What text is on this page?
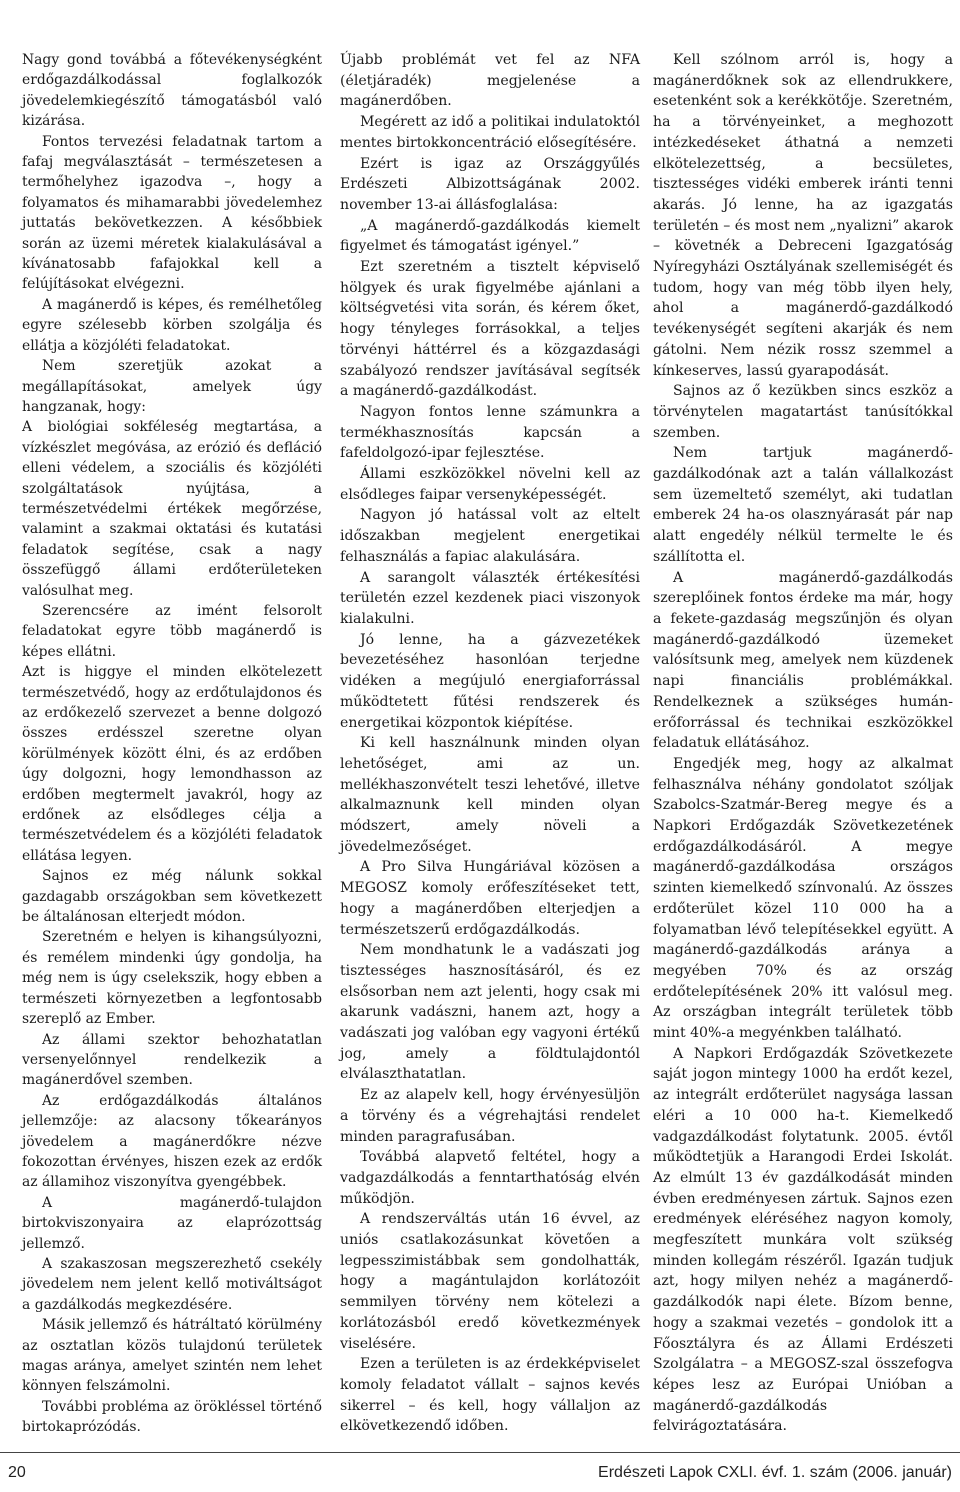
Nagy gond továbbá a főtevékenységként erdőgazdálkodással foglalkozók jövedelemkiegészítő támogatásból való kizárása.

Fontos tervezési feladatnak tartom a fafaj megválasztását – természetesen a termőhelyhez igazodva –, hogy a folyamatos és mihamarabbi jövedelemhez juttatás bekövetkezzen. A későbbiek során az üzemi méretek kialakulásával a kívánatosabb fafajokkal kell a felújításokat elvégezni.

A magánerdő is képes, és remélhetőleg egyre szélesebb körben szolgálja és ellátja a közjóléti feladatokat.

Nem szeretjük azokat a megállapításokat, amelyek úgy hangzanak, hogy:

A biológiai sokféleség megtartása, a vízkészlet megóvása, az erózió és defláció elleni védelem, a szociális és közjóléti szolgáltatások nyújtása, a természetvédelmi értékek megőrzése, valamint a szakmai oktatási és kutatási feladatok segítése, csak a nagy összefüggő állami erdőterületeken valósulhat meg.

Szerencsére az imént felsorolt feladatokat egyre több magánerdő is képes ellátni.

Azt is higgye el minden elkötelezett természetvédő, hogy az erdőtulajdonos és az erdőkezelő szervezet a benne dolgozó összes erdésszel szeretne olyan körülmények között élni, és az erdőben úgy dolgozni, hogy lemondhasson az erdőben megtermelt javakról, hogy az erdőnek az elsődleges célja a természetvédelem és a közjóléti feladatok ellátása legyen.

Sajnos ez még nálunk sokkal gazdagabb országokban sem következett be általánosan elterjedt módon.

Szeretném e helyen is kihangsúlyozni, és remélem mindenki úgy gondolja, ha még nem is úgy cselekszik, hogy ebben a természeti környezetben a legfontosabb szereplő az Ember.

Az állami szektor behozhatatlan versenyelőnnyel rendelkezik a magánerdővel szemben.

Az erdőgazdálkodás általános jellemzője: az alacsony tőkearányos jövedelem a magánerdőkre nézve fokozottan érvényes, hiszen ezek az erdők az államihoz viszonyítva gyengébbek.

A magánerdő-tulajdon birtokviszonyaira az elaprózottság jellemző.

A szakaszosan megszerezhető csekély jövedelem nem jelent kellő motiváltságot a gazdálkodás megkezdésére.

Másik jellemző és hátráltató körülmény az osztatlan közös tulajdonú területek magas aránya, amelyet szintén nem lehet könnyen felszámolni.

További probléma az örökléssel történő birtokaprózódás.

Újabb problémát vet fel az NFA (életjáradék) megjelenése a magánerdőben.

Megérett az idő a politikai indulatoktól mentes birtokkoncentráció elősegítésére.

Ezért is igaz az Országgyűlés Erdészeti Albizottságának 2002. november 13-ai állásfoglalása:

„A magánerdő-gazdálkodás kiemelt figyelmet és támogatást igényel.”

Ezt szeretném a tisztelt képviselő hölgyek és urak figyelmébe ajánlani a költségvetési vita során, és kérem őket, hogy tényleges forrásokkal, a teljes törvényi háttérrel és a közgazdasági szabályozó rendszer javításával segítsék a magánerdő-gazdálkodást.

Nagyon fontos lenne számunkra a termékhasznosítás kapcsán a fafeldolgozó-ipar fejlesztése.

Állami eszközökkel növelni kell az elsődleges faipar versenyképességét.

Nagyon jó hatással volt az eltelt időszakban megjelent energetikai felhasználás a fapiac alakulására.

A sarangolt választék értékesítési területén ezzel kezdenek piaci viszonyok kialakulni.

Jó lenne, ha a gázvezetékek bevezetéséhez hasonlóan terjedne vidéken a megújuló energiaforrással működtetett fűtési rendszerek és energetikai központok kiépítése.

Ki kell használnunk minden olyan lehetőséget, ami az un. mellékhaszonvételt teszi lehetővé, illetve alkalmaznunk kell minden olyan módszert, amely növeli a jövedelmezőséget.

A Pro Silva Hungáriával közösen a MEGOSZ komoly erőfeszítéseket tett, hogy a magánerdőben elterjedjen a természetszerű erdőgazdálkodás.

Nem mondhatunk le a vadászati jog tisztességes hasznosításáról, és ez elsősorban nem azt jelenti, hogy csak mi akarunk vadászni, hanem azt, hogy a vadászati jog valóban egy vagyoni értékű jog, amely a földtulajdontól elválaszthatatlan.

Ez az alapelv kell, hogy érvényesüljön a törvény és a végrehajtási rendelet minden paragrafusában.

Továbbá alapvető feltétel, hogy a vadgazdálkodás a fenntarthatóság elvén működjön.

A rendszerváltás után 16 évvel, az uniós csatlakozásunkat követően a legpesszimistábbak sem gondolhatták, hogy a magántulajdon korlátozóit semmilyen törvény nem kötelezi a korlátozásból eredő következmények viselésére.

Ezen a területen is az érdekképviselet komoly feladatot vállalt – sajnos kevés sikerrel – és kell, hogy vállaljon az elkövetkezendő időben.

Kell szólnom arról is, hogy a magánerdőknek sok az ellendrukkere, esetenként sok a kerékkötője. Szeretném, ha a törvényeinket, a meghozott intézkedéseket áthatná a nemzeti elkötelezettség, a becsületes, tisztességes vidéki emberek iránti tenni akarás. Jó lenne, ha az igazgatás területén – és most nem „nyalizni” akarok – követnék a Debreceni Igazgatóság Nyíregyházi Osztályának szellemiségét és tudom, hogy van még több ilyen hely, ahol a magánerdő-gazdálkodó tevékenységét segíteni akarják és nem gátolni. Nem nézik rossz szemmel a kínkeserves, lassú gyarapodását.

Sajnos az ő kezükben sincs eszköz a törvénytelen magatartást tanúsítókkal szemben.

Nem tartjuk magánerdő-gazdálkodónak azt a talán vállalkozást sem üzemeltető személyt, aki tudatlan emberek 24 ha-os olasznyárasát pár nap alatt engedély nélkül termelte le és szállította el.

A magánerdő-gazdálkodás szereplőinek fontos érdeke ma már, hogy a fekete-gazdaság megszűnjön és olyan magánerdő-gazdálkodó üzemeket valósítsunk meg, amelyek nem küzdenek napi financiális problémákkal. Rendelkeznek a szükséges humán-erőforrással és technikai eszközökkel feladatuk ellátásához.

Engedjék meg, hogy az alkalmat felhasználva néhány gondolatot szóljak Szabolcs-Szatmár-Bereg megye és a Napkori Erdőgazdák Szövetkezetének erdőgazdálkodásáról. A megye magánerdő-gazdálkodása országos szinten kiemelkedő színvonalú. Az összes erdőterület közel 110 000 ha a folyamatban lévő telepítésekkel együtt. A magánerdő-gazdálkodás aránya a megyében 70% és az ország erdőtelepítésének 20% itt valósul meg. Az országban integrált területek több mint 40%-a megyénkben található.

A Napkori Erdőgazdák Szövetkezete saját jogon mintegy 1000 ha erdőt kezel, az integrált erdőterület nagysága lassan eléri a 10 000 ha-t. Kiemelkedő vadgazdálkodást folytatunk. 2005. évtől működtetjük a Harangodi Erdei Iskolát. Az elmúlt 13 év gazdálkodását minden évben eredményesen zártuk. Sajnos ezen eredmények eléréséhez nagyon komoly, megfeszített munkára volt szükség minden kollegám részéről. Igazán tudjuk azt, hogy milyen nehéz a magánerdő-gazdálkodók napi élete. Bízom benne, hogy a szakmai vezetés – gondolok itt a Főosztályra és az Állami Erdészeti Szolgálatra – a MEGOSZ-szal összefogva képes lesz az Európai Unióban a magánerdő-gazdálkodás felvirágoztatására.

20	Erdészeti Lapok CXLI. évf. 1. szám (2006. január)
